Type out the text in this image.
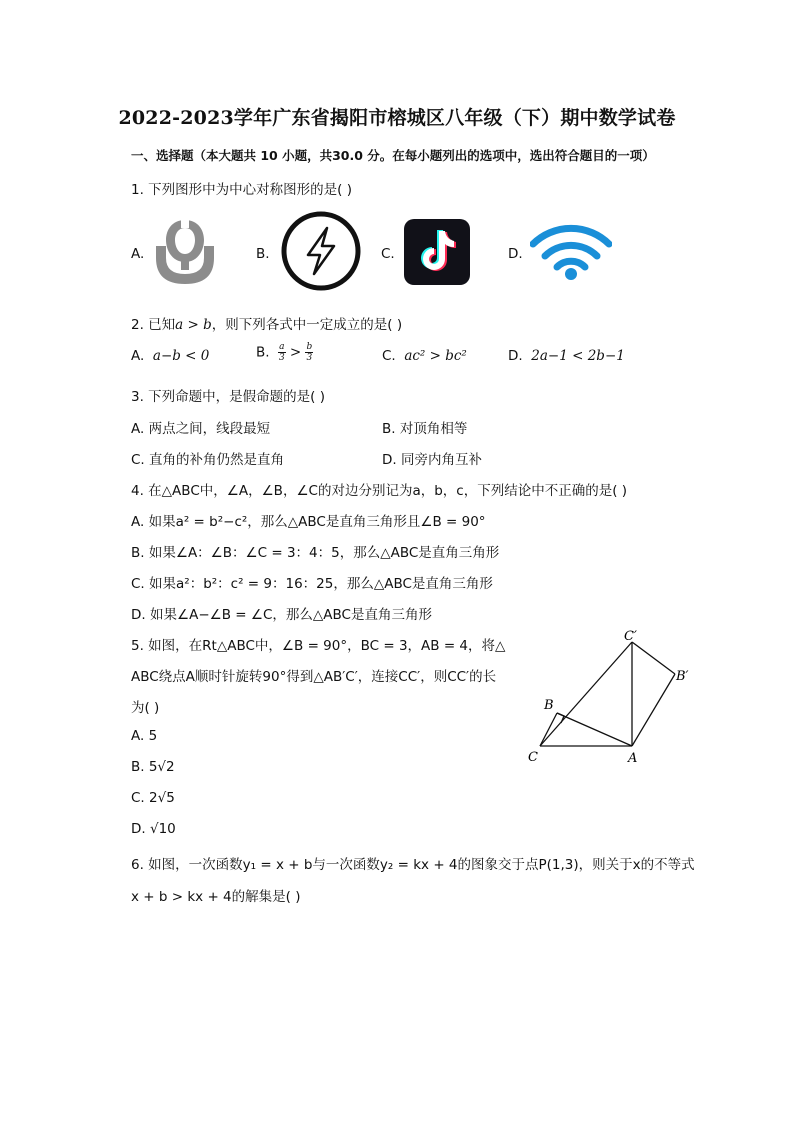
2022-2023学年广东省揭阳市榕城区八年级（下）期中数学试卷
一、选择题（本大题共 10 小题，共30.0 分。在每小题列出的选项中，选出符合题目的一项）
1. 下列图形中为中心对称图形的是( )
A.	B.	C.	D.
2. 已知a > b，则下列各式中一定成立的是( )
A. a−b < 0	B. $\frac{a}{3} > \frac{b}{3}$	C. ac² > bc²	D. 2a−1 < 2b−1
3. 下列命题中，是假命题的是( )
A. 两点之间，线段最短	B. 对顶角相等
C. 直角的补角仍然是直角	D. 同旁内角互补
4. 在△ABC中，∠A，∠B，∠C的对边分别记为a，b，c，下列结论中不正确的是( )
A. 如果a² = b²−c²，那么△ABC是直角三角形且∠B = 90°
B. 如果∠A：∠B：∠C = 3：4：5，那么△ABC是直角三角形
C. 如果a²：b²：c² = 9：16：25，那么△ABC是直角三角形
D. 如果∠A−∠B = ∠C，那么△ABC是直角三角形
5. 如图，在Rt△ABC中，∠B = 90°，BC = 3，AB = 4，将△
ABC绕点A顺时针旋转90°得到△AB′C′，连接CC′，则CC′的长
为( )
A. 5
B. 5√2
C. 2√5
D. √10
C′
B′
B
C	A
6. 如图，一次函数y₁ = x + b与一次函数y₂ = kx + 4的图象交于点P(1,3)，则关于x的不等式
x + b > kx + 4的解集是( )
